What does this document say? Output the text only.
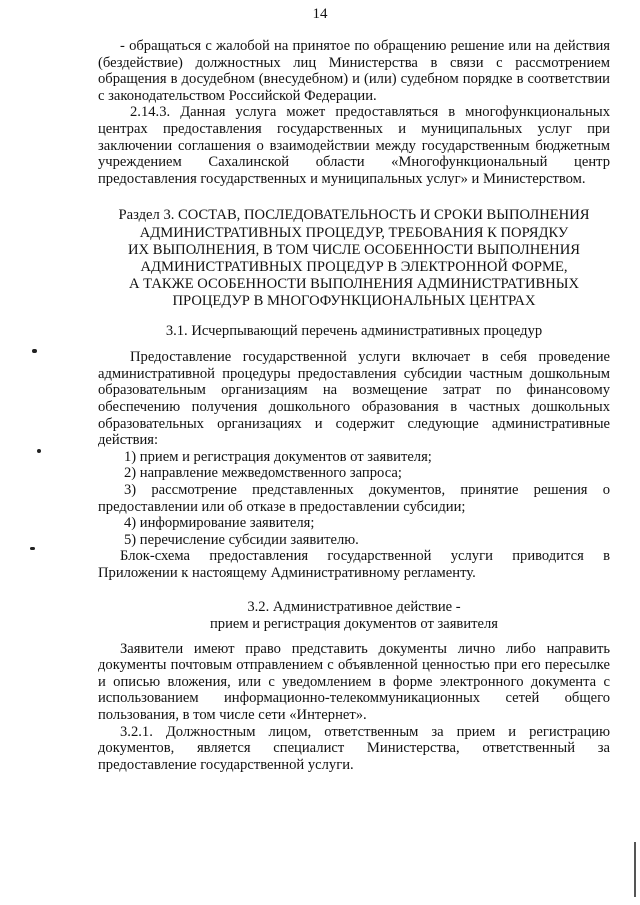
14

- обращаться с жалобой на принятое по обращению решение или на действия (бездействие) должностных лиц Министерства в связи с рассмотрением обращения в досудебном (внесудебном) и (или) судебном порядке в соответствии с законодательством Российской Федерации.

2.14.3. Данная услуга может предоставляться в многофункциональных центрах предоставления государственных и муниципальных услуг при заключении соглашения о взаимодействии между государственным бюджетным учреждением Сахалинской области «Многофункциональный центр предоставления государственных и муниципальных услуг» и Министерством.

Раздел 3. СОСТАВ, ПОСЛЕДОВАТЕЛЬНОСТЬ И СРОКИ ВЫПОЛНЕНИЯ
АДМИНИСТРАТИВНЫХ ПРОЦЕДУР, ТРЕБОВАНИЯ К ПОРЯДКУ
ИХ ВЫПОЛНЕНИЯ, В ТОМ ЧИСЛЕ ОСОБЕННОСТИ ВЫПОЛНЕНИЯ
АДМИНИСТРАТИВНЫХ ПРОЦЕДУР В ЭЛЕКТРОННОЙ ФОРМЕ,
А ТАКЖЕ ОСОБЕННОСТИ ВЫПОЛНЕНИЯ АДМИНИСТРАТИВНЫХ
ПРОЦЕДУР В МНОГОФУНКЦИОНАЛЬНЫХ ЦЕНТРАХ
3.1. Исчерпывающий перечень административных процедур

Предоставление государственной услуги включает в себя проведение административной процедуры предоставления субсидии частным дошкольным образовательным организациям на возмещение затрат по финансовому обеспечению получения дошкольного образования в частных дошкольных образовательных организациях и содержит следующие административные действия:

1) прием и регистрация документов от заявителя;

2) направление межведомственного запроса;

3) рассмотрение представленных документов, принятие решения о предоставлении или об отказе в предоставлении субсидии;

4) информирование заявителя;

5) перечисление субсидии заявителю.

Блок-схема предоставления государственной услуги приводится в Приложении к настоящему Административному регламенту.

3.2. Административное действие -
прием и регистрация документов от заявителя

Заявители имеют право представить документы лично либо направить документы почтовым отправлением с объявленной ценностью при его пересылке и описью вложения, или с уведомлением в форме электронного документа с использованием информационно-телекоммуникационных сетей общего пользования, в том числе сети «Интернет».

3.2.1. Должностным лицом, ответственным за прием и регистрацию документов, является специалист Министерства, ответственный за предоставление государственной услуги.
